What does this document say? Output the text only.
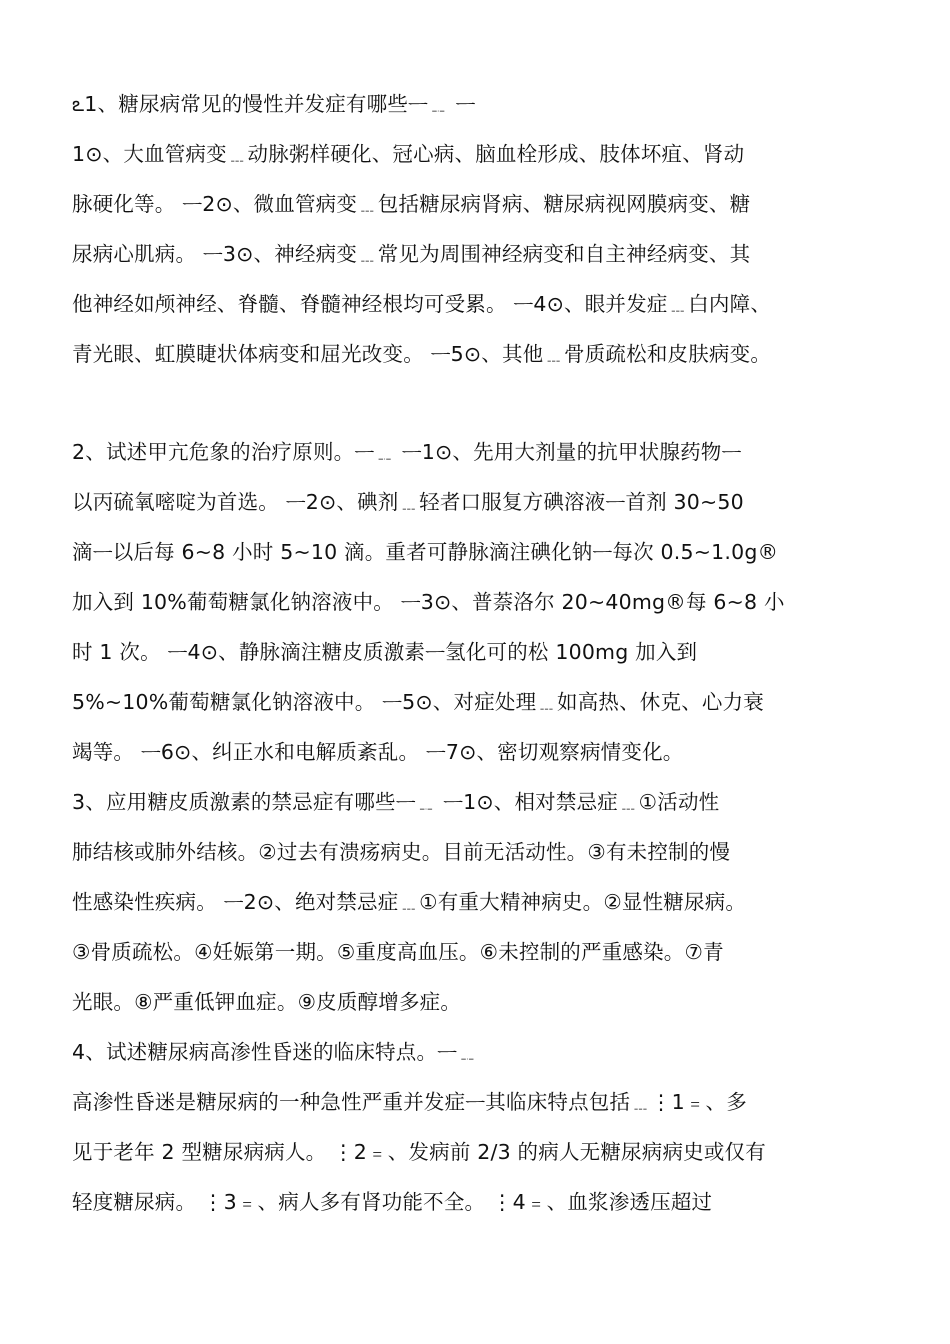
ఽ1、糖尿病常见的慢性并发症有哪些ᅳ﹎ ᅳ
1⊙、大血管病变﹍动脉粥样硬化、冠心病、脑血栓形成、肢体坏疽、肾动
脉硬化等。 ᅳ2⊙、微血管病变﹍包括糖尿病肾病、糖尿病视网膜病变、糖
尿病心肌病。 ᅳ3⊙、神经病变﹍常见为周围神经病变和自主神经病变、其
他神经如颅神经、脊髓、脊髓神经根均可受累。 ᅳ4⊙、眼并发症﹍白内障、
青光眼、虹膜睫状体病变和屈光改变。 ᅳ5⊙、其他﹍骨质疏松和皮肤病变。
2、试述甲亢危象的治疗原则。ᅳ﹎ ᅳ1⊙、先用大剂量的抗甲状腺药物ᅳ
以丙硫氧嘧啶为首选。 ᅳ2⊙、碘剂﹍轻者口服复方碘溶液ᅳ首剂 30~50
滴ᅳ以后每 6~8 小时 5~10 滴。重者可静脉滴注碘化钠ᅳ每次 0.5~1.0g®
加入到 10%葡萄糖氯化钠溶液中。 ᅳ3⊙、普萘洛尔 20~40mg®每 6~8 小
时 1 次。 ᅳ4⊙、静脉滴注糖皮质激素ᅳ氢化可的松 100mg 加入到
5%~10%葡萄糖氯化钠溶液中。 ᅳ5⊙、对症处理﹍如高热、休克、心力衰
竭等。 ᅳ6⊙、纠正水和电解质紊乱。 ᅳ7⊙、密切观察病情变化。
3、应用糖皮质激素的禁忌症有哪些ᅳ﹎ ᅳ1⊙、相对禁忌症﹍①活动性
肺结核或肺外结核。②过去有溃疡病史。目前无活动性。③有未控制的慢
性感染性疾病。 ᅳ2⊙、绝对禁忌症﹍①有重大精神病史。②显性糖尿病。
③骨质疏松。④妊娠第一期。⑤重度高血压。⑥未控制的严重感染。⑦青
光眼。⑧严重低钾血症。⑨皮质醇增多症。
4、试述糖尿病高渗性昏迷的临床特点。ᅳ﹎
高渗性昏迷是糖尿病的一种急性严重并发症ᅳ其临床特点包括﹍⋮1﹦、多
见于老年 2 型糖尿病病人。 ⋮2﹦、发病前 2/3 的病人无糖尿病病史或仅有
轻度糖尿病。 ⋮3﹦、病人多有肾功能不全。 ⋮4﹦、血浆渗透压超过
